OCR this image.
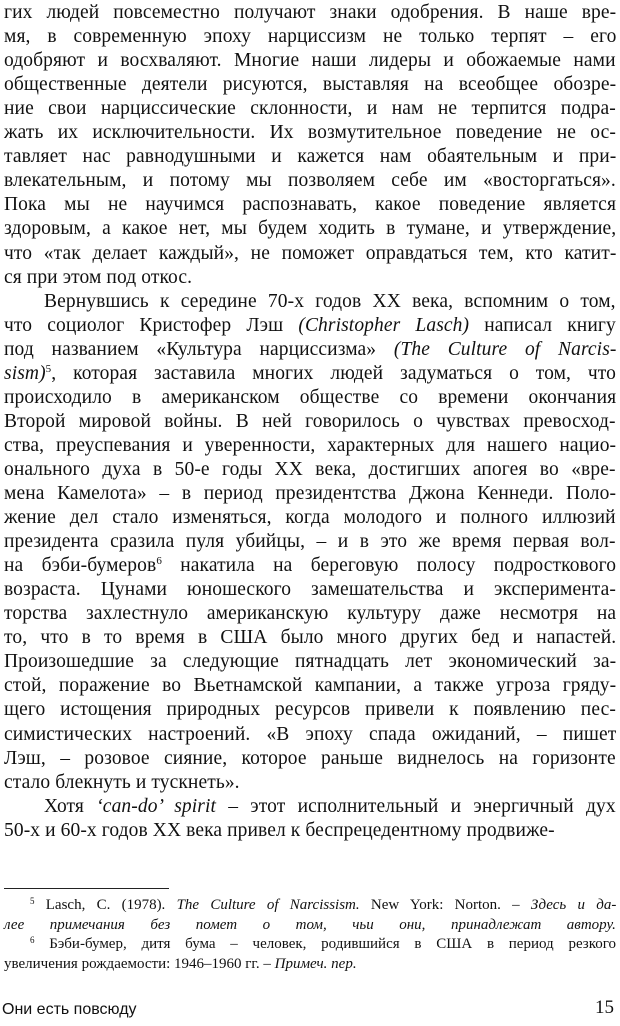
гих людей повсеместно получают знаки одобрения. В наше вре-
мя, в современную эпоху нарциссизм не только терпят – его
одобряют и восхваляют. Многие наши лидеры и обожаемые нами
общественные деятели рисуются, выставляя на всеобщее обозре-
ние свои нарциссические склонности, и нам не терпится подра-
жать их исключительности. Их возмутительное поведение не ос-
тавляет нас равнодушными и кажется нам обаятельным и при-
влекательным, и потому мы позволяем себе им «восторгаться».
Пока мы не научимся распознавать, какое поведение является
здоровым, а какое нет, мы будем ходить в тумане, и утверждение,
что «так делает каждый», не поможет оправдаться тем, кто катит-
ся при этом под откос.
Вернувшись к середине 70-х годов XX века, вспомним о том,
что социолог Кристофер Лэш (Christopher Lasch) написал книгу
под названием «Культура нарциссизма» (The Culture of Narcis-
sism)$^5$, которая заставила многих людей задуматься о том, что
происходило в американском обществе со времени окончания
Второй мировой войны. В ней говорилось о чувствах превосход-
ства, преуспевания и уверенности, характерных для нашего нацио-
онального духа в 50-е годы XX века, достигших апогея во «вре-
мена Камелота» – в период президентства Джона Кеннеди. Поло-
жение дел стало изменяться, когда молодого и полного иллюзий
президента сразила пуля убийцы, – и в это же время первая вол-
на бэби-бумеров$^6$ накатила на береговую полосу подросткового
возраста. Цунами юношеского замешательства и эксперимента-
торства захлестнуло американскую культуру даже несмотря на
то, что в то время в США было много других бед и напастей.
Произошедшие за следующие пятнадцать лет экономический за-
стой, поражение во Вьетнамской кампании, а также угроза гряду-
щего истощения природных ресурсов привели к появлению пес-
симистических настроений. «В эпоху спада ожиданий, – пишет
Лэш, – розовое сияние, которое раньше виднелось на горизонте
стало блекнуть и тускнеть».
Хотя ‘can-do’ spirit – этот исполнительный и энергичный дух
50-х и 60-х годов XX века привел к беспрецедентному продвиже-
$^5$ Lasch, C. (1978). The Culture of Narcissism. New York: Norton. – Здесь и да-
лее примечания без помет о том, чьи они, принадлежат автору.
$^6$ Бэби-бумер, дитя бума – человек, родившийся в США в период резкого
увеличения рождаемости: 1946–1960 гг. – Примеч. пер.
Они есть повсюду	15
